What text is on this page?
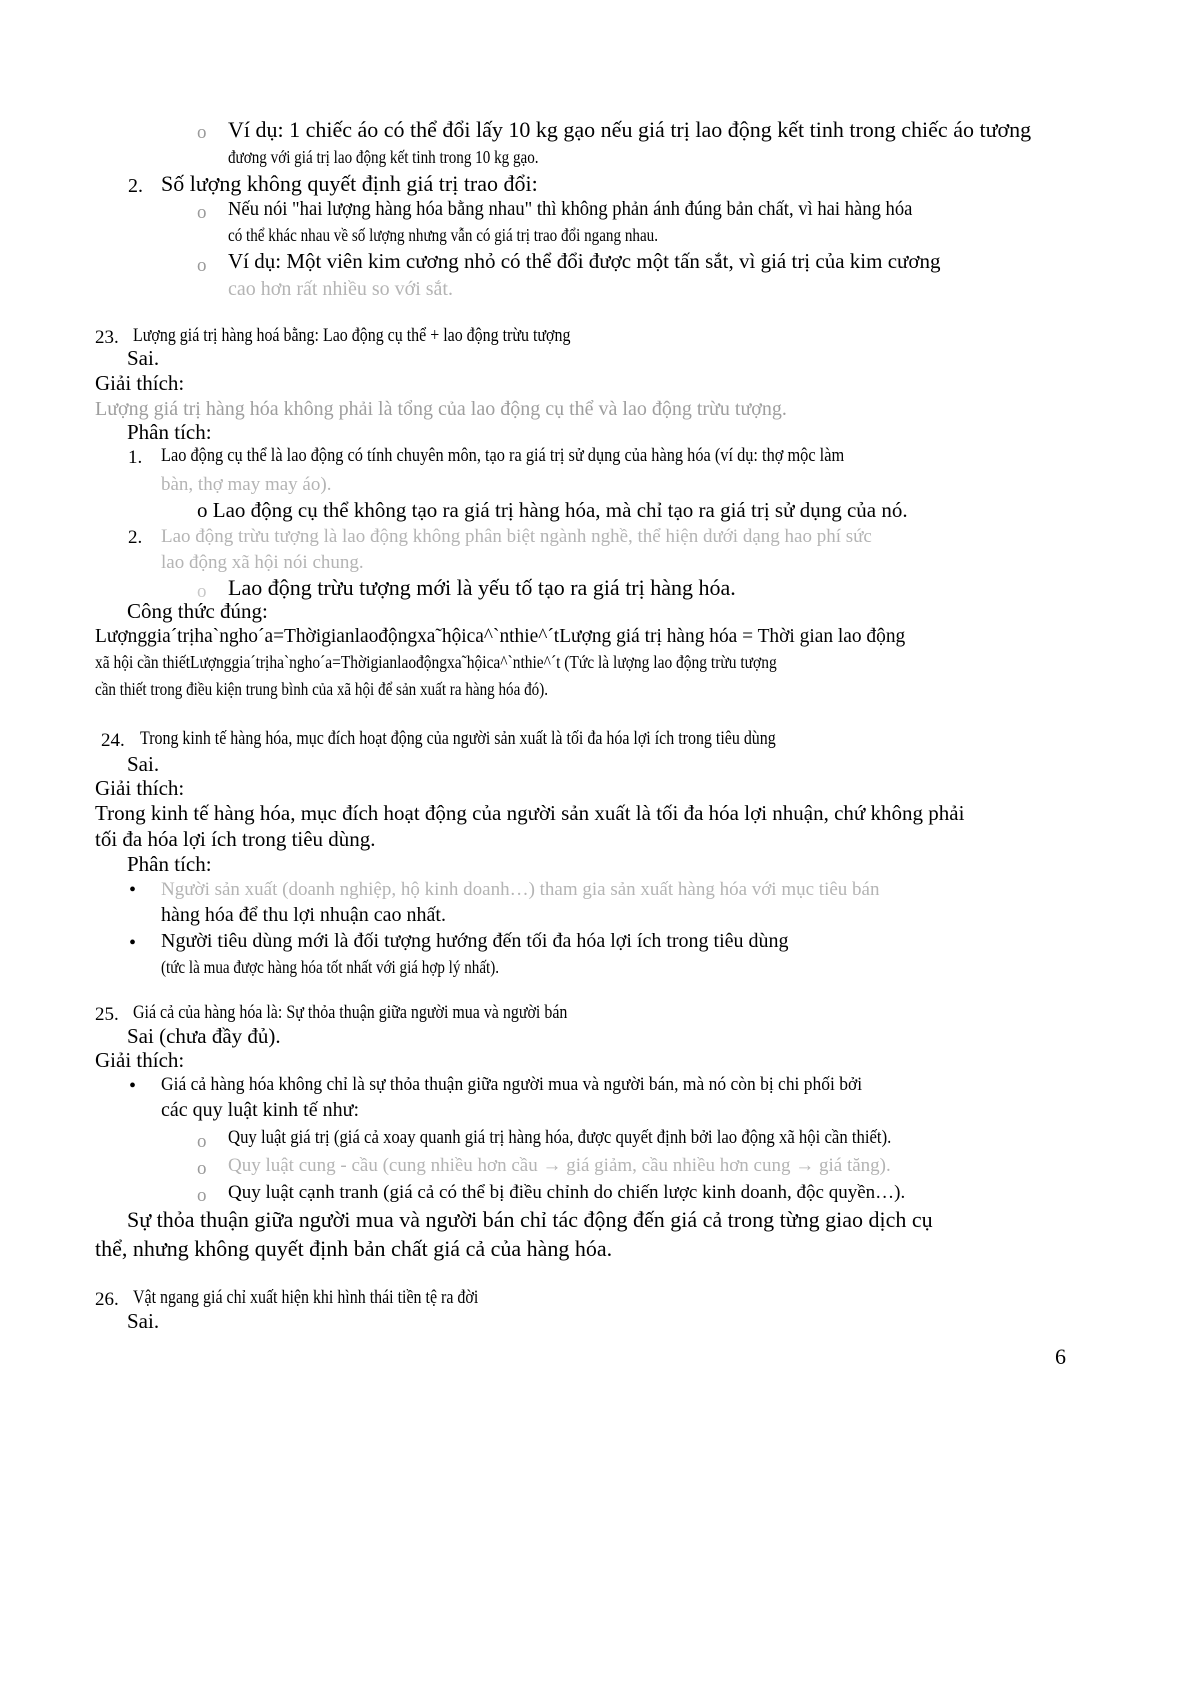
o Ví dụ: 1 chiếc áo có thể đổi lấy 10 kg gạo nếu giá trị lao động kết tinh trong chiếc áo tương
đương với giá trị lao động kết tinh trong 10 kg gạo.
2. Số lượng không quyết định giá trị trao đổi:
o Nếu nói "hai lượng hàng hóa bằng nhau" thì không phản ánh đúng bản chất, vì hai hàng hóa
có thể khác nhau về số lượng nhưng vẫn có giá trị trao đổi ngang nhau.
o Ví dụ: Một viên kim cương nhỏ có thể đổi được một tấn sắt, vì giá trị của kim cương
cao hơn rất nhiều so với sắt.
23. Lượng giá trị hàng hoá bằng: Lao động cụ thể + lao động trừu tượng
Sai.
Giải thích:
Lượng giá trị hàng hóa không phải là tổng của lao động cụ thể và lao động trừu tượng.
Phân tích:
1. Lao động cụ thể là lao động có tính chuyên môn, tạo ra giá trị sử dụng của hàng hóa (ví dụ: thợ mộc làm
bàn, thợ may may áo).
o Lao động cụ thể không tạo ra giá trị hàng hóa, mà chỉ tạo ra giá trị sử dụng của nó.
2. Lao động trừu tượng là lao động không phân biệt ngành nghề, thể hiện dưới dạng hao phí sức
lao động xã hội nói chung.
o Lao động trừu tượng mới là yếu tố tạo ra giá trị hàng hóa.
Công thức đúng:
Lượnggia´trịha`ngho´a=Thờigianlaođộngxa˜hộica^`nthie^´tLượng giá trị hàng hóa = Thời gian lao động
xã hội cần thiếtLượnggia´trịha`ngho´a=Thờigianlaođộngxa˜hộica^`nthie^´t (Tức là lượng lao động trừu tượng
cần thiết trong điều kiện trung bình của xã hội để sản xuất ra hàng hóa đó).
24. Trong kinh tế hàng hóa, mục đích hoạt động của người sản xuất là tối đa hóa lợi ích trong tiêu dùng
Sai.
Giải thích:
Trong kinh tế hàng hóa, mục đích hoạt động của người sản xuất là tối đa hóa lợi nhuận, chứ không phải
tối đa hóa lợi ích trong tiêu dùng.
Phân tích:
• Người sản xuất (doanh nghiệp, hộ kinh doanh…) tham gia sản xuất hàng hóa với mục tiêu bán
hàng hóa để thu lợi nhuận cao nhất.
• Người tiêu dùng mới là đối tượng hướng đến tối đa hóa lợi ích trong tiêu dùng
(tức là mua được hàng hóa tốt nhất với giá hợp lý nhất).
25. Giá cả của hàng hóa là: Sự thỏa thuận giữa người mua và người bán
Sai (chưa đầy đủ).
Giải thích:
• Giá cả hàng hóa không chỉ là sự thỏa thuận giữa người mua và người bán, mà nó còn bị chi phối bởi
các quy luật kinh tế như:
o Quy luật giá trị (giá cả xoay quanh giá trị hàng hóa, được quyết định bởi lao động xã hội cần thiết).
o Quy luật cung - cầu (cung nhiều hơn cầu → giá giảm, cầu nhiều hơn cung → giá tăng).
o Quy luật cạnh tranh (giá cả có thể bị điều chỉnh do chiến lược kinh doanh, độc quyền…).
Sự thỏa thuận giữa người mua và người bán chỉ tác động đến giá cả trong từng giao dịch cụ
thể, nhưng không quyết định bản chất giá cả của hàng hóa.
26. Vật ngang giá chỉ xuất hiện khi hình thái tiền tệ ra đời
Sai.
6
